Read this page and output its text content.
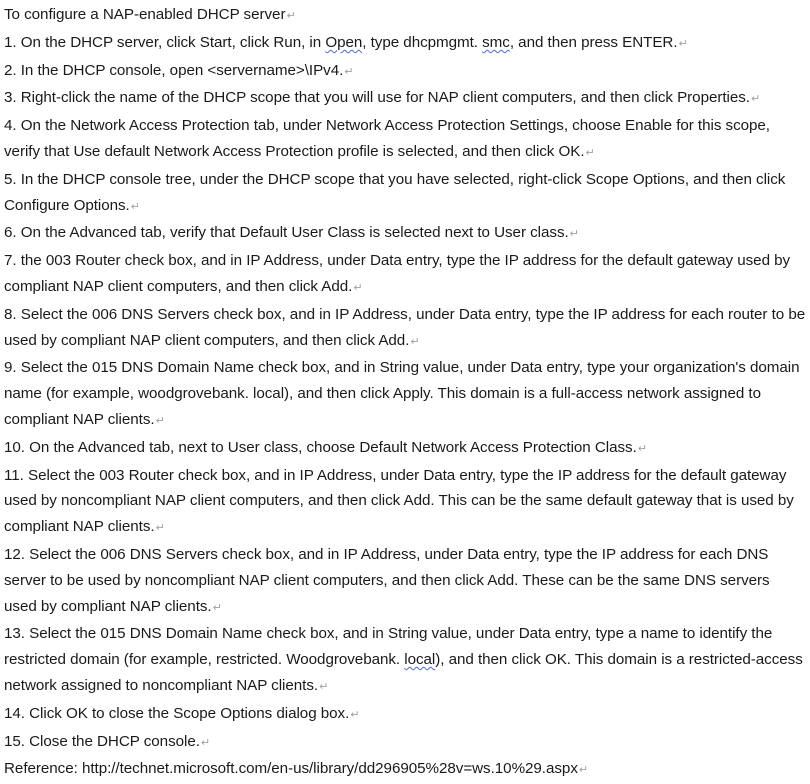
To configure a NAP-enabled DHCP server↵

1. On the DHCP server, click Start, click Run, in Open, type dhcpmgmt. smc, and then press ENTER.↵

2. In the DHCP console, open <servername>\IPv4.↵

3. Right-click the name of the DHCP scope that you will use for NAP client computers, and then click Properties.↵

4. On the Network Access Protection tab, under Network Access Protection Settings, choose Enable for this scope, verify that Use default Network Access Protection profile is selected, and then click OK.↵

5. In the DHCP console tree, under the DHCP scope that you have selected, right-click Scope Options, and then click Configure Options.↵

6. On the Advanced tab, verify that Default User Class is selected next to User class.↵

7. the 003 Router check box, and in IP Address, under Data entry, type the IP address for the default gateway used by compliant NAP client computers, and then click Add.↵

8. Select the 006 DNS Servers check box, and in IP Address, under Data entry, type the IP address for each router to be used by compliant NAP client computers, and then click Add.↵

9. Select the 015 DNS Domain Name check box, and in String value, under Data entry, type your organization's domain name (for example, woodgrovebank. local), and then click Apply. This domain is a full-access network assigned to compliant NAP clients.↵

10. On the Advanced tab, next to User class, choose Default Network Access Protection Class.↵

11. Select the 003 Router check box, and in IP Address, under Data entry, type the IP address for the default gateway used by noncompliant NAP client computers, and then click Add. This can be the same default gateway that is used by compliant NAP clients.↵

12. Select the 006 DNS Servers check box, and in IP Address, under Data entry, type the IP address for each DNS server to be used by noncompliant NAP client computers, and then click Add. These can be the same DNS servers used by compliant NAP clients.↵

13. Select the 015 DNS Domain Name check box, and in String value, under Data entry, type a name to identify the restricted domain (for example, restricted. Woodgrovebank. local), and then click OK. This domain is a restricted-access network assigned to noncompliant NAP clients.↵

14. Click OK to close the Scope Options dialog box.↵

15. Close the DHCP console.↵

Reference: http://technet.microsoft.com/en-us/library/dd296905%28v=ws.10%29.aspx↵
